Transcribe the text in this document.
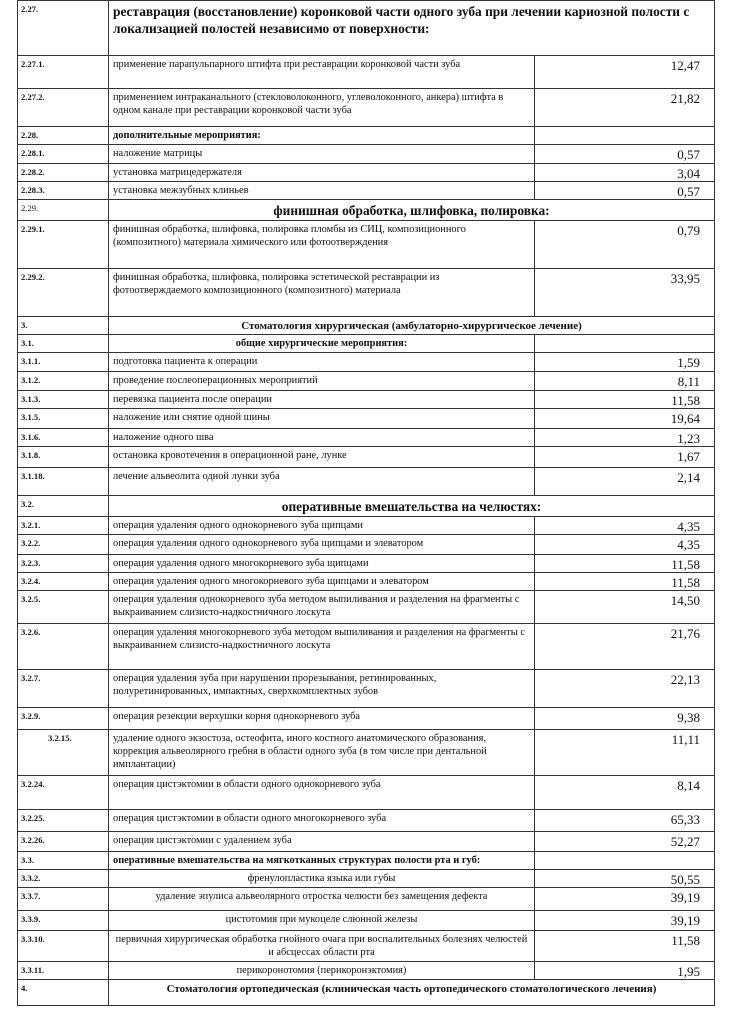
2.27.	реставрация (восстановление) коронковой части одного зуба при лечении кариозной полости с локализацией полостей независимо от поверхности:	
2.27.1.	применение парапульпарного штифта при реставрации коронковой части зуба	12,47
2.27.2.	применением интраканального (стекловолоконного, углеволоконного, анкера) штифта в одном канале при реставрации коронковой части зуба	21,82
2.28.	дополнительные мероприятия:	
2.28.1.	наложение матрицы	0,57
2.28.2.	установка матрицедержателя	3,04
2.28.3.	установка межзубных клиньев	0,57
2.29.	финишная обработка, шлифовка, полировка:	
2.29.1.	финишная обработка, шлифовка, полировка пломбы из СИЦ, композиционного (композитного) материала химического или фотоотверждения	0,79
2.29.2.	финишная обработка, шлифовка, полировка эстетической реставрации из фотоотверждаемого композиционного (композитного) материала	33,95
3.	Стоматология хирургическая (амбулаторно-хирургическое лечение)	
3.1.	общие хирургические мероприятия:	
3.1.1.	подготовка пациента к операции	1,59
3.1.2.	проведение послеоперационных мероприятий	8,11
3.1.3.	перевязка пациента после операции	11,58
3.1.5.	наложение или снятие одной шины	19,64
3.1.6.	наложение одного шва	1,23
3.1.8.	остановка кровотечения в операционной ране, лунке	1,67
3.1.18.	лечение альвеолита одной лунки зуба	2,14
3.2.	оперативные вмешательства на челюстях:	
3.2.1.	операция удаления одного однокорневого зуба щипцами	4,35
3.2.2.	операция удаления одного однокорневого зуба щипцами и элеватором	4,35
3.2.3.	операция удаления одного многокорневого зуба щипцами	11,58
3.2.4.	операция удаления одного многокорневого зуба щипцами и элеватором	11,58
3.2.5.	операция удаления однокорневого зуба методом выпиливания и разделения на фрагменты с выкраиванием слизисто-надкостничного лоскута	14,50
3.2.6.	операция удаления многокорневого зуба методом выпиливания и разделения на фрагменты с выкраиванием слизисто-надкостничного лоскута	21,76
3.2.7.	операция удаления зуба при нарушении прорезывания, ретинированных, полуретинированных, импактных, сверхкомплектных зубов	22,13
3.2.9.	операция резекции верхушки корня однокорневого зуба	9,38
3.2.15.	удаление одного экзостоза, остеофита, иного костного анатомического образования, коррекция альвеолярного гребня в области одного зуба (в том числе при дентальной имплантации)	11,11
3.2.24.	операция цистэктомии в области одного однокорневого зуба	8,14
3.2.25.	операция цистэктомии в области одного многокорневого зуба	65,33
3.2.26.	операция цистэктомии с удалением зуба	52,27
3.3.	оперативные вмешательства на мягкотканных структурах полости рта и губ:	
3.3.2.	френулопластика языка или губы	50,55
3.3.7.	удаление эпулиса альвеолярного отростка челюсти без замещения дефекта	39,19
3.3.9.	цистотомия при мукоцеле слюнной железы	39,19
3.3.10.	первичная хирургическая обработка гнойного очага при воспалительных болезнях челюстей и абсцессах области рта	11,58
3.3.11.	перикоронотомия (перикоронэктомия)	1,95
4.	Стоматология ортопедическая (клиническая часть ортопедического стоматологического лечения)	
